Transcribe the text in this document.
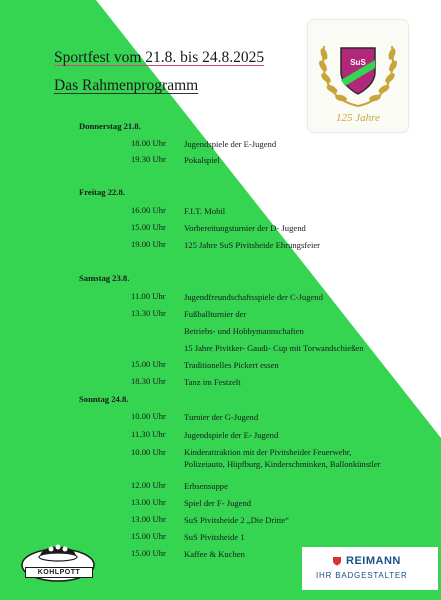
Sportfest vom 21.8. bis 24.8.2025
Das Rahmenprogramm
SuS
125 Jahre
Donnerstag 21.8.
18.00 Uhr Jugendspiele der E-Jugend
19.30 Uhr Pokalspiel
Freitag 22.8.
16.00 Uhr F.I.T. Mobil
15.00 Uhr Vorbereitungsturnier der D- Jugend
19.00 Uhr 125 Jahre SuS Pivitsheide Ehrungsfeier
Samstag 23.8.
11.00 Uhr Jugendfreundschaftsspiele der C-Jugend
13.30 Uhr Fußballturnier der
Betriebs- und Hobbymannschaften
15 Jahre Pivitker- Gaudi- Cup mit Torwandschießen
15.00 Uhr Traditionelles Pickert essen
18.30 Uhr Tanz im Festzelt
Sonntag 24.8.
10.00 Uhr Turnier der G-Jugend
11.30 Uhr Jugendspiele der E- Jugend
10.00 Uhr Kinderattraktion mit der Pivitsheider Feuerwehr,
Polizeiauto, Hüpfburg, Kinderschminken, Ballonkünstler
12.00 Uhr Erbsensuppe
13.00 Uhr Spiel der F- Jugend
13.00 Uhr SuS Pivitsheide 2 „Die Dritte“
15.00 Uhr SuS Pivitsheide 1
15.00 Uhr Kaffee & Kuchen
KOHLPOTT
REIMANN
IHR BADGESTALTER
